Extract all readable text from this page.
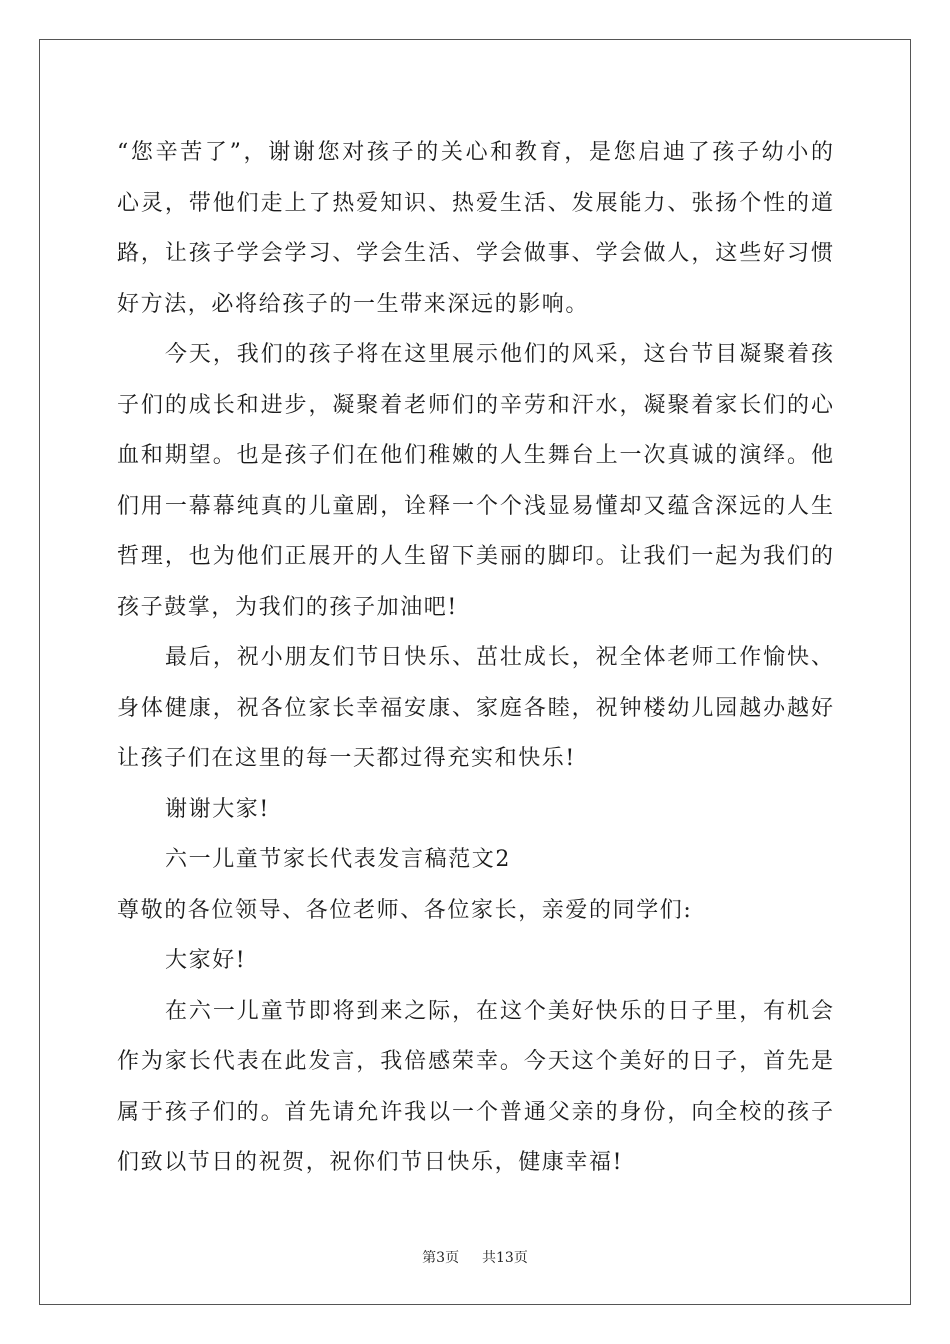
“您辛苦了”，谢谢您对孩子的关心和教育，是您启迪了孩子幼小的
心灵，带他们走上了热爱知识、热爱生活、发展能力、张扬个性的道
路，让孩子学会学习、学会生活、学会做事、学会做人，这些好习惯
好方法，必将给孩子的一生带来深远的影响。
今天，我们的孩子将在这里展示他们的风采，这台节目凝聚着孩
子们的成长和进步，凝聚着老师们的辛劳和汗水，凝聚着家长们的心
血和期望。也是孩子们在他们稚嫩的人生舞台上一次真诚的演绎。他
们用一幕幕纯真的儿童剧，诠释一个个浅显易懂却又蕴含深远的人生
哲理，也为他们正展开的人生留下美丽的脚印。让我们一起为我们的
孩子鼓掌，为我们的孩子加油吧!
最后，祝小朋友们节日快乐、茁壮成长，祝全体老师工作愉快、
身体健康，祝各位家长幸福安康、家庭各睦，祝钟楼幼儿园越办越好
让孩子们在这里的每一天都过得充实和快乐!
谢谢大家!
六一儿童节家长代表发言稿范文2
尊敬的各位领导、各位老师、各位家长，亲爱的同学们:
大家好!
在六一儿童节即将到来之际，在这个美好快乐的日子里，有机会
作为家长代表在此发言，我倍感荣幸。今天这个美好的日子，首先是
属于孩子们的。首先请允许我以一个普通父亲的身份，向全校的孩子
们致以节日的祝贺，祝你们节日快乐，健康幸福!
第3页 共13页
